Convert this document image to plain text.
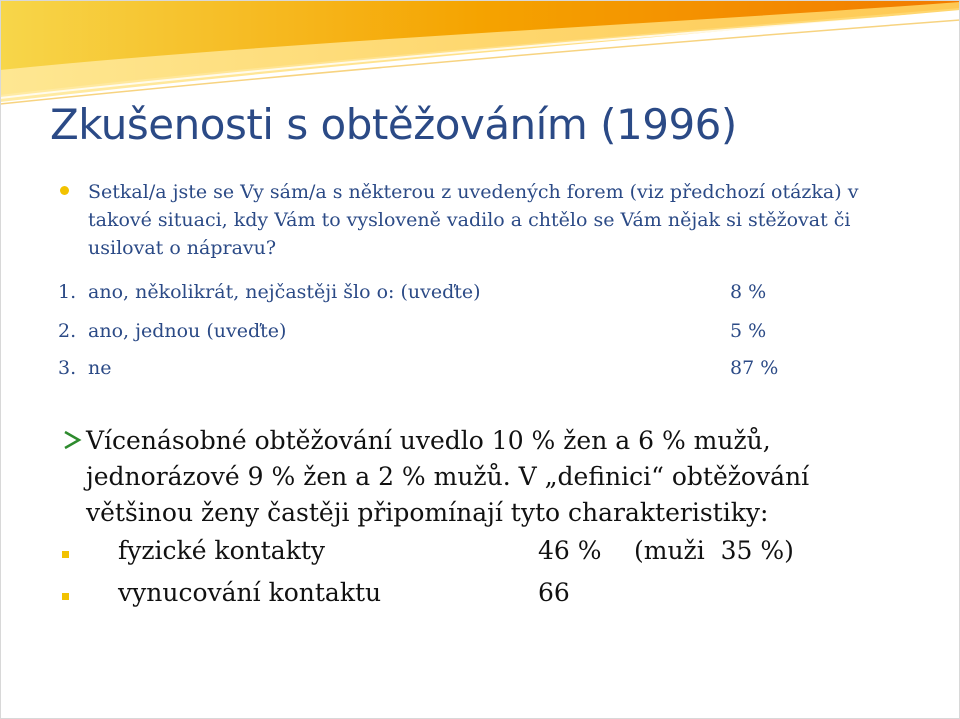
Zkušenosti s obtěžováním (1996)
Setkal/a jste se Vy sám/a s některou z uvedených forem (viz předchozí otázka) v takové situaci, kdy Vám to vysloveně vadilo a chtělo se Vám nějak si stěžovat či usilovat o nápravu?
1. ano, několikrát, nejčastěji šlo o: (uveďte)	8 %
2. ano, jednou (uveďte)	5 %
3. ne	87 %
Vícenásobné obtěžování uvedlo 10 % žen a 6 % mužů, jednorázové 9 % žen a 2 % mužů. V „definici“ obtěžování většinou ženy častěji připomínají tyto charakteristiky:
fyzické kontakty	46 % (muži  35 %)
vynucování kontaktu	66
